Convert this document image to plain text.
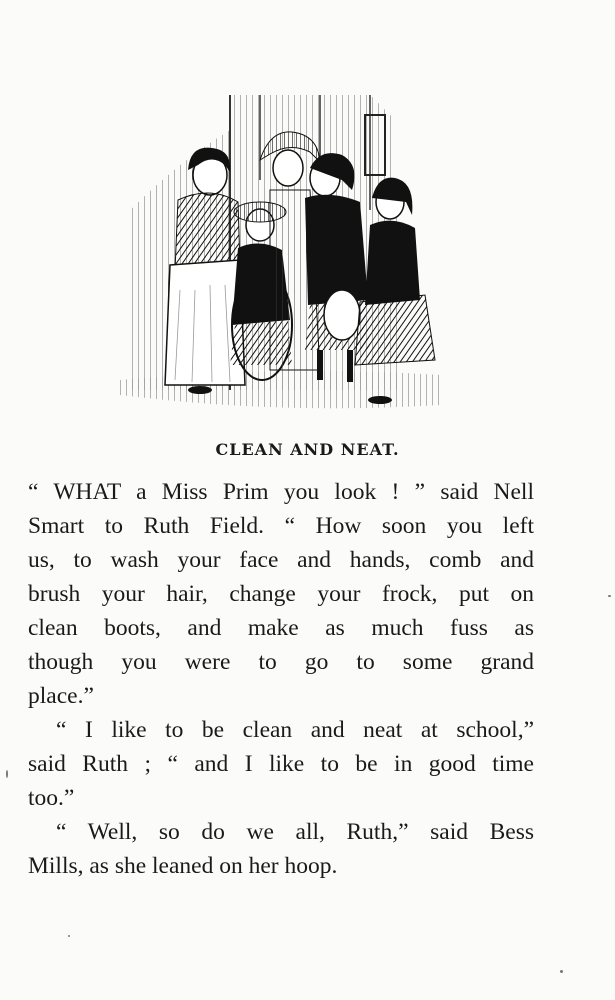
CLEAN AND NEAT.
“ WHAT a Miss Prim you look ! ” said Nell
Smart to Ruth Field. “ How soon you left
us, to wash your face and hands, comb and
brush your hair, change your frock, put on
clean boots, and make as much fuss as
though you were to go to some grand
place.”
“ I like to be clean and neat at school,”
said Ruth ; “ and I like to be in good time
too.”
“ Well, so do we all, Ruth,” said Bess
Mills, as she leaned on her hoop.
